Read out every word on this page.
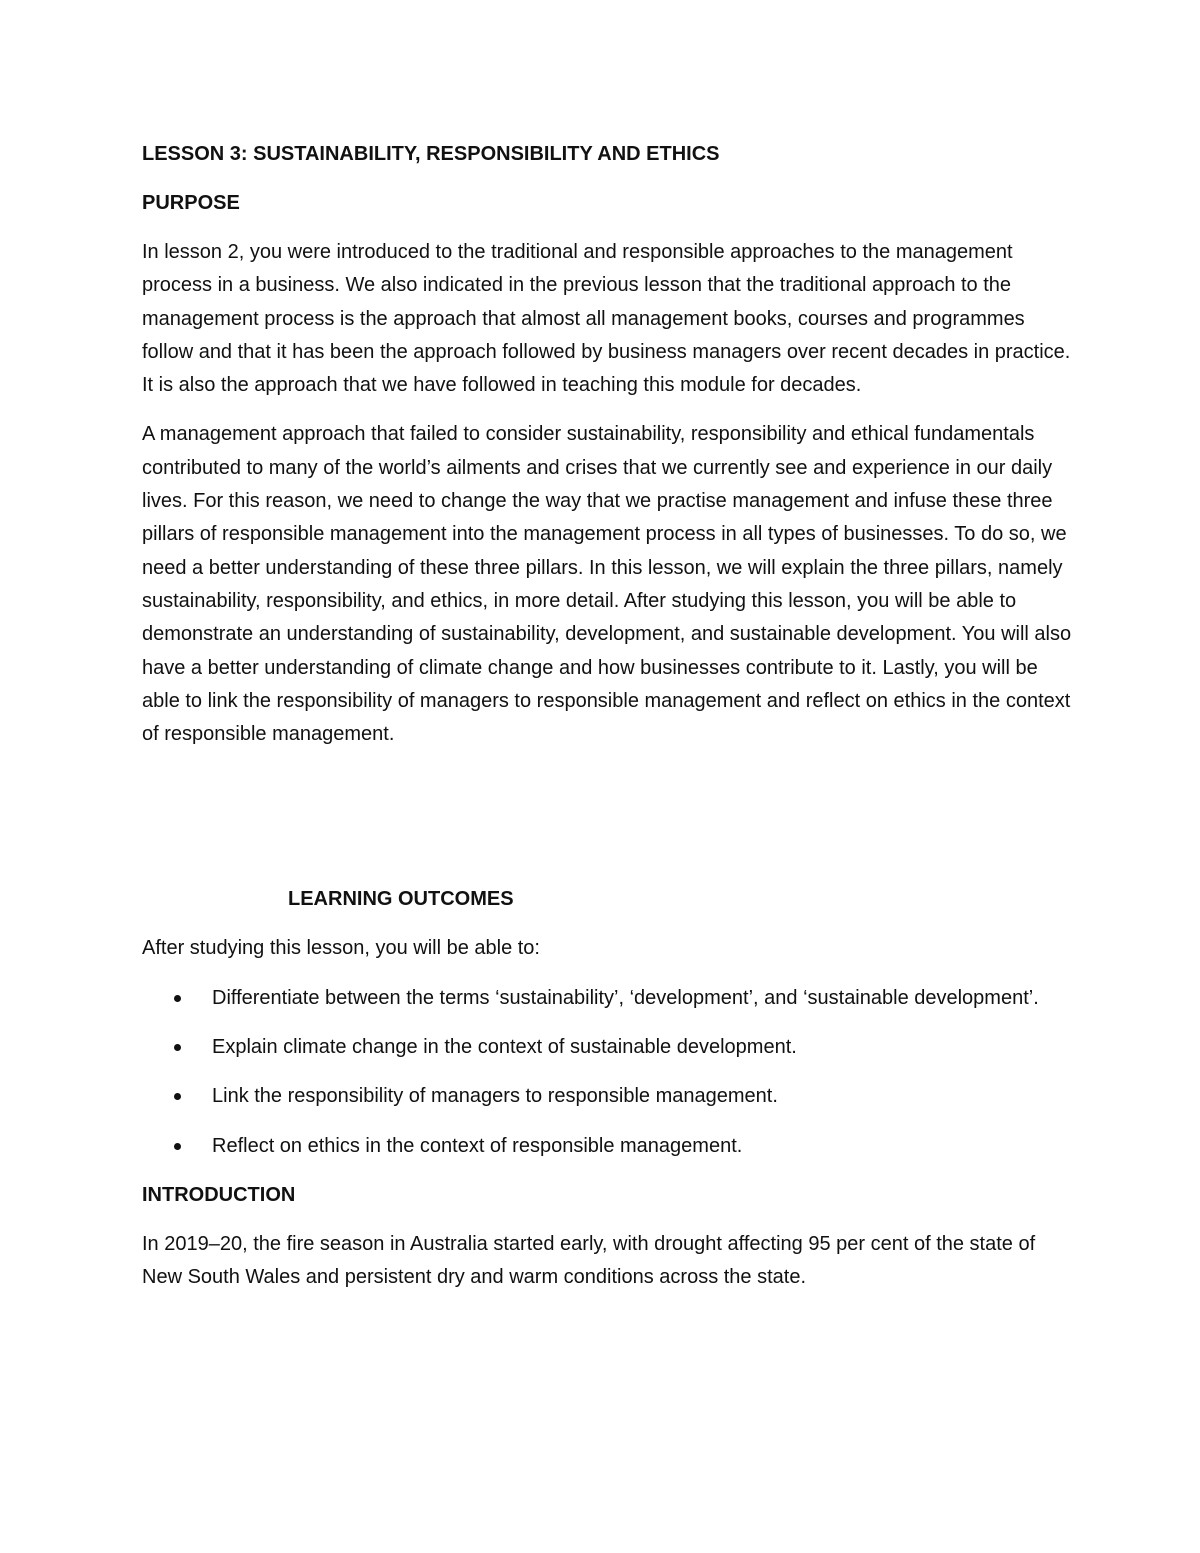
LESSON 3: SUSTAINABILITY, RESPONSIBILITY AND ETHICS
PURPOSE

In lesson 2, you were introduced to the traditional and responsible approaches to the management process in a business. We also indicated in the previous lesson that the traditional approach to the management process is the approach that almost all management books, courses and programmes follow and that it has been the approach followed by business managers over recent decades in practice. It is also the approach that we have followed in teaching this module for decades.

A management approach that failed to consider sustainability, responsibility and ethical fundamentals contributed to many of the world’s ailments and crises that we currently see and experience in our daily lives. For this reason, we need to change the way that we practise management and infuse these three pillars of responsible management into the management process in all types of businesses. To do so, we need a better understanding of these three pillars. In this lesson, we will explain the three pillars, namely sustainability, responsibility, and ethics, in more detail. After studying this lesson, you will be able to demonstrate an understanding of sustainability, development, and sustainable development. You will also have a better understanding of climate change and how businesses contribute to it. Lastly, you will be able to link the responsibility of managers to responsible management and reflect on ethics in the context of responsible management.

LEARNING OUTCOMES

After studying this lesson, you will be able to:

Differentiate between the terms ‘sustainability’, ‘development’, and ‘sustainable development’.
Explain climate change in the context of sustainable development.
Link the responsibility of managers to responsible management.
Reflect on ethics in the context of responsible management.
INTRODUCTION

In 2019–20, the fire season in Australia started early, with drought affecting 95 per cent of the state of New South Wales and persistent dry and warm conditions across the state.
